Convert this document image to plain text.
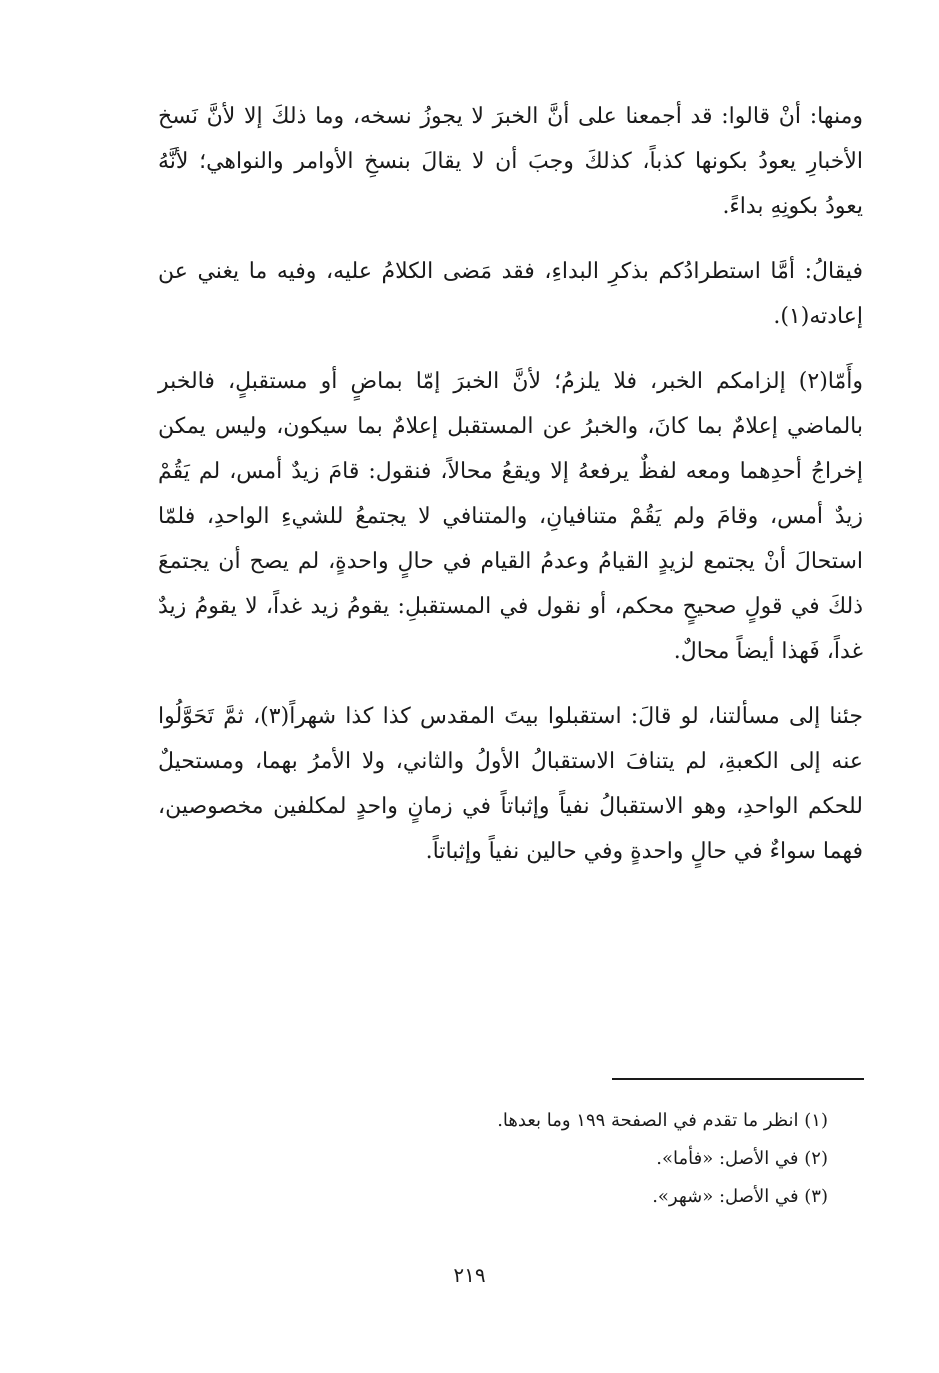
ومنها: أنْ قالوا: قد أجمعنا على أنَّ الخبرَ لا يجوزُ نسخه، وما ذلكَ إلا لأنَّ نَسخ الأخبارِ يعودُ بكونها كذباً، كذلكَ وجبَ أن لا يقالَ بنسخِ الأوامر والنواهي؛ لأنَّهُ يعودُ بكونِهِ بداءً.

فيقالُ: أمَّا استطرادُكم بذكرِ البداءِ، فقد مَضى الكلامُ عليه، وفيه ما يغني عن إعادته(١).

وأَمّا(٢) إلزامكم الخبر، فلا يلزمُ؛ لأنَّ الخبرَ إمّا بماضٍ أو مستقبلٍ، فالخبر بالماضي إعلامٌ بما كانَ، والخبرُ عن المستقبل إعلامٌ بما سيكون، وليس يمكن إخراجُ أحدِهما ومعه لفظٌ يرفعهُ إلا ويقعُ محالاً، فنقول: قامَ زيدٌ أمس، لم يَقُمْ زيدٌ أمس، وقامَ ولم يَقُمْ متنافيانِ، والمتنافي لا يجتمعُ للشيءِ الواحدِ، فلمّا استحالَ أنْ يجتمع لزيدٍ القيامُ وعدمُ القيام في حالٍ واحدةٍ، لم يصح أن يجتمعَ ذلكَ في قولٍ صحيحٍ محكم، أو نقول في المستقبلِ: يقومُ زيد غداً، لا يقومُ زيدٌ غداً، فَهذا أيضاً محالٌ.

جئنا إلى مسألتنا، لو قالَ: استقبلوا بيتَ المقدس كذا كذا شهراً(٣)، ثمَّ تَحَوَّلُوا عنه إلى الكعبةِ، لم يتنافَ الاستقبالُ الأولُ والثاني، ولا الأمرُ بهما، ومستحيلٌ للحكم الواحدِ، وهو الاستقبالُ نفياً وإثباتاً في زمانٍ واحدٍ لمكلفين مخصوصين، فهما سواءٌ في حالٍ واحدةٍ وفي حالين نفياً وإثباتاً.

(١) انظر ما تقدم في الصفحة ١٩٩ وما بعدها.

(٢) في الأصل: «فأما».

(٣) في الأصل: «شهر».

٢١٩
